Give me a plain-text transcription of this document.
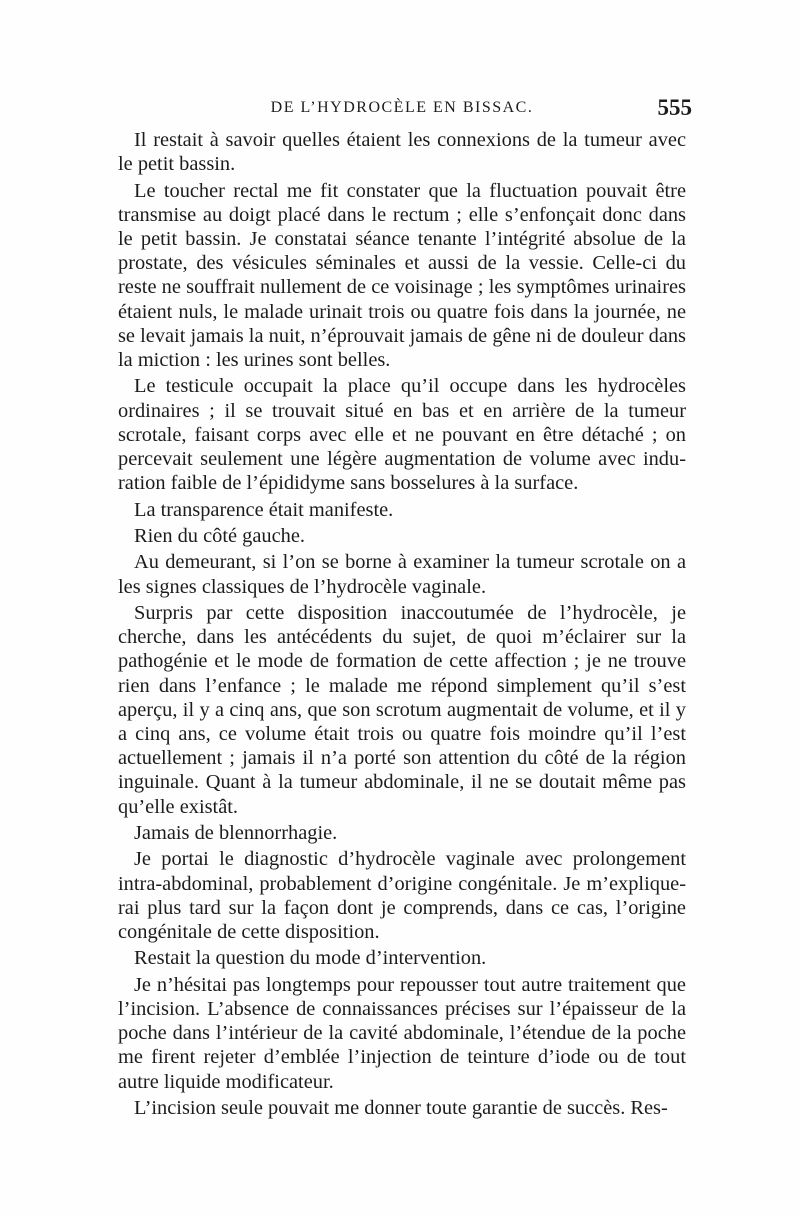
DE L’HYDROCÈLE EN BISSAC.	555

Il restait à savoir quelles étaient les connexions de la tumeur avec le petit bassin.

Le toucher rectal me fit constater que la fluctuation pouvait être transmise au doigt placé dans le rectum ; elle s’enfonçait donc dans le petit bassin. Je constatai séance tenante l’intégrité absolue de la prostate, des vésicules séminales et aussi de la vessie. Celle-ci du reste ne souffrait nullement de ce voisinage ; les symptômes urinaires étaient nuls, le malade urinait trois ou quatre fois dans la journée, ne se levait jamais la nuit, n’éprouvait jamais de gêne ni de douleur dans la miction : les urines sont belles.

Le testicule occupait la place qu’il occupe dans les hydrocèles ordinaires ; il se trouvait situé en bas et en arrière de la tumeur scrotale, faisant corps avec elle et ne pouvant en être détaché ; on percevait seulement une légère augmentation de volume avec induration faible de l’épididyme sans bosselures à la surface.

La transparence était manifeste.

Rien du côté gauche.

Au demeurant, si l’on se borne à examiner la tumeur scrotale on a les signes classiques de l’hydrocèle vaginale.

Surpris par cette disposition inaccoutumée de l’hydrocèle, je cherche, dans les antécédents du sujet, de quoi m’éclairer sur la pathogénie et le mode de formation de cette affection ; je ne trouve rien dans l’enfance ; le malade me répond simplement qu’il s’est aperçu, il y a cinq ans, que son scrotum augmentait de volume, et il y a cinq ans, ce volume était trois ou quatre fois moindre qu’il l’est actuellement ; jamais il n’a porté son attention du côté de la région inguinale. Quant à la tumeur abdominale, il ne se doutait même pas qu’elle existât.

Jamais de blennorrhagie.

Je portai le diagnostic d’hydrocèle vaginale avec prolongement intra-abdominal, probablement d’origine congénitale. Je m’expliquerai plus tard sur la façon dont je comprends, dans ce cas, l’origine congénitale de cette disposition.

Restait la question du mode d’intervention.

Je n’hésitai pas longtemps pour repousser tout autre traitement que l’incision. L’absence de connaissances précises sur l’épaisseur de la poche dans l’intérieur de la cavité abdominale, l’étendue de la poche me firent rejeter d’emblée l’injection de teinture d’iode ou de tout autre liquide modificateur.

L’incision seule pouvait me donner toute garantie de succès. Res-
